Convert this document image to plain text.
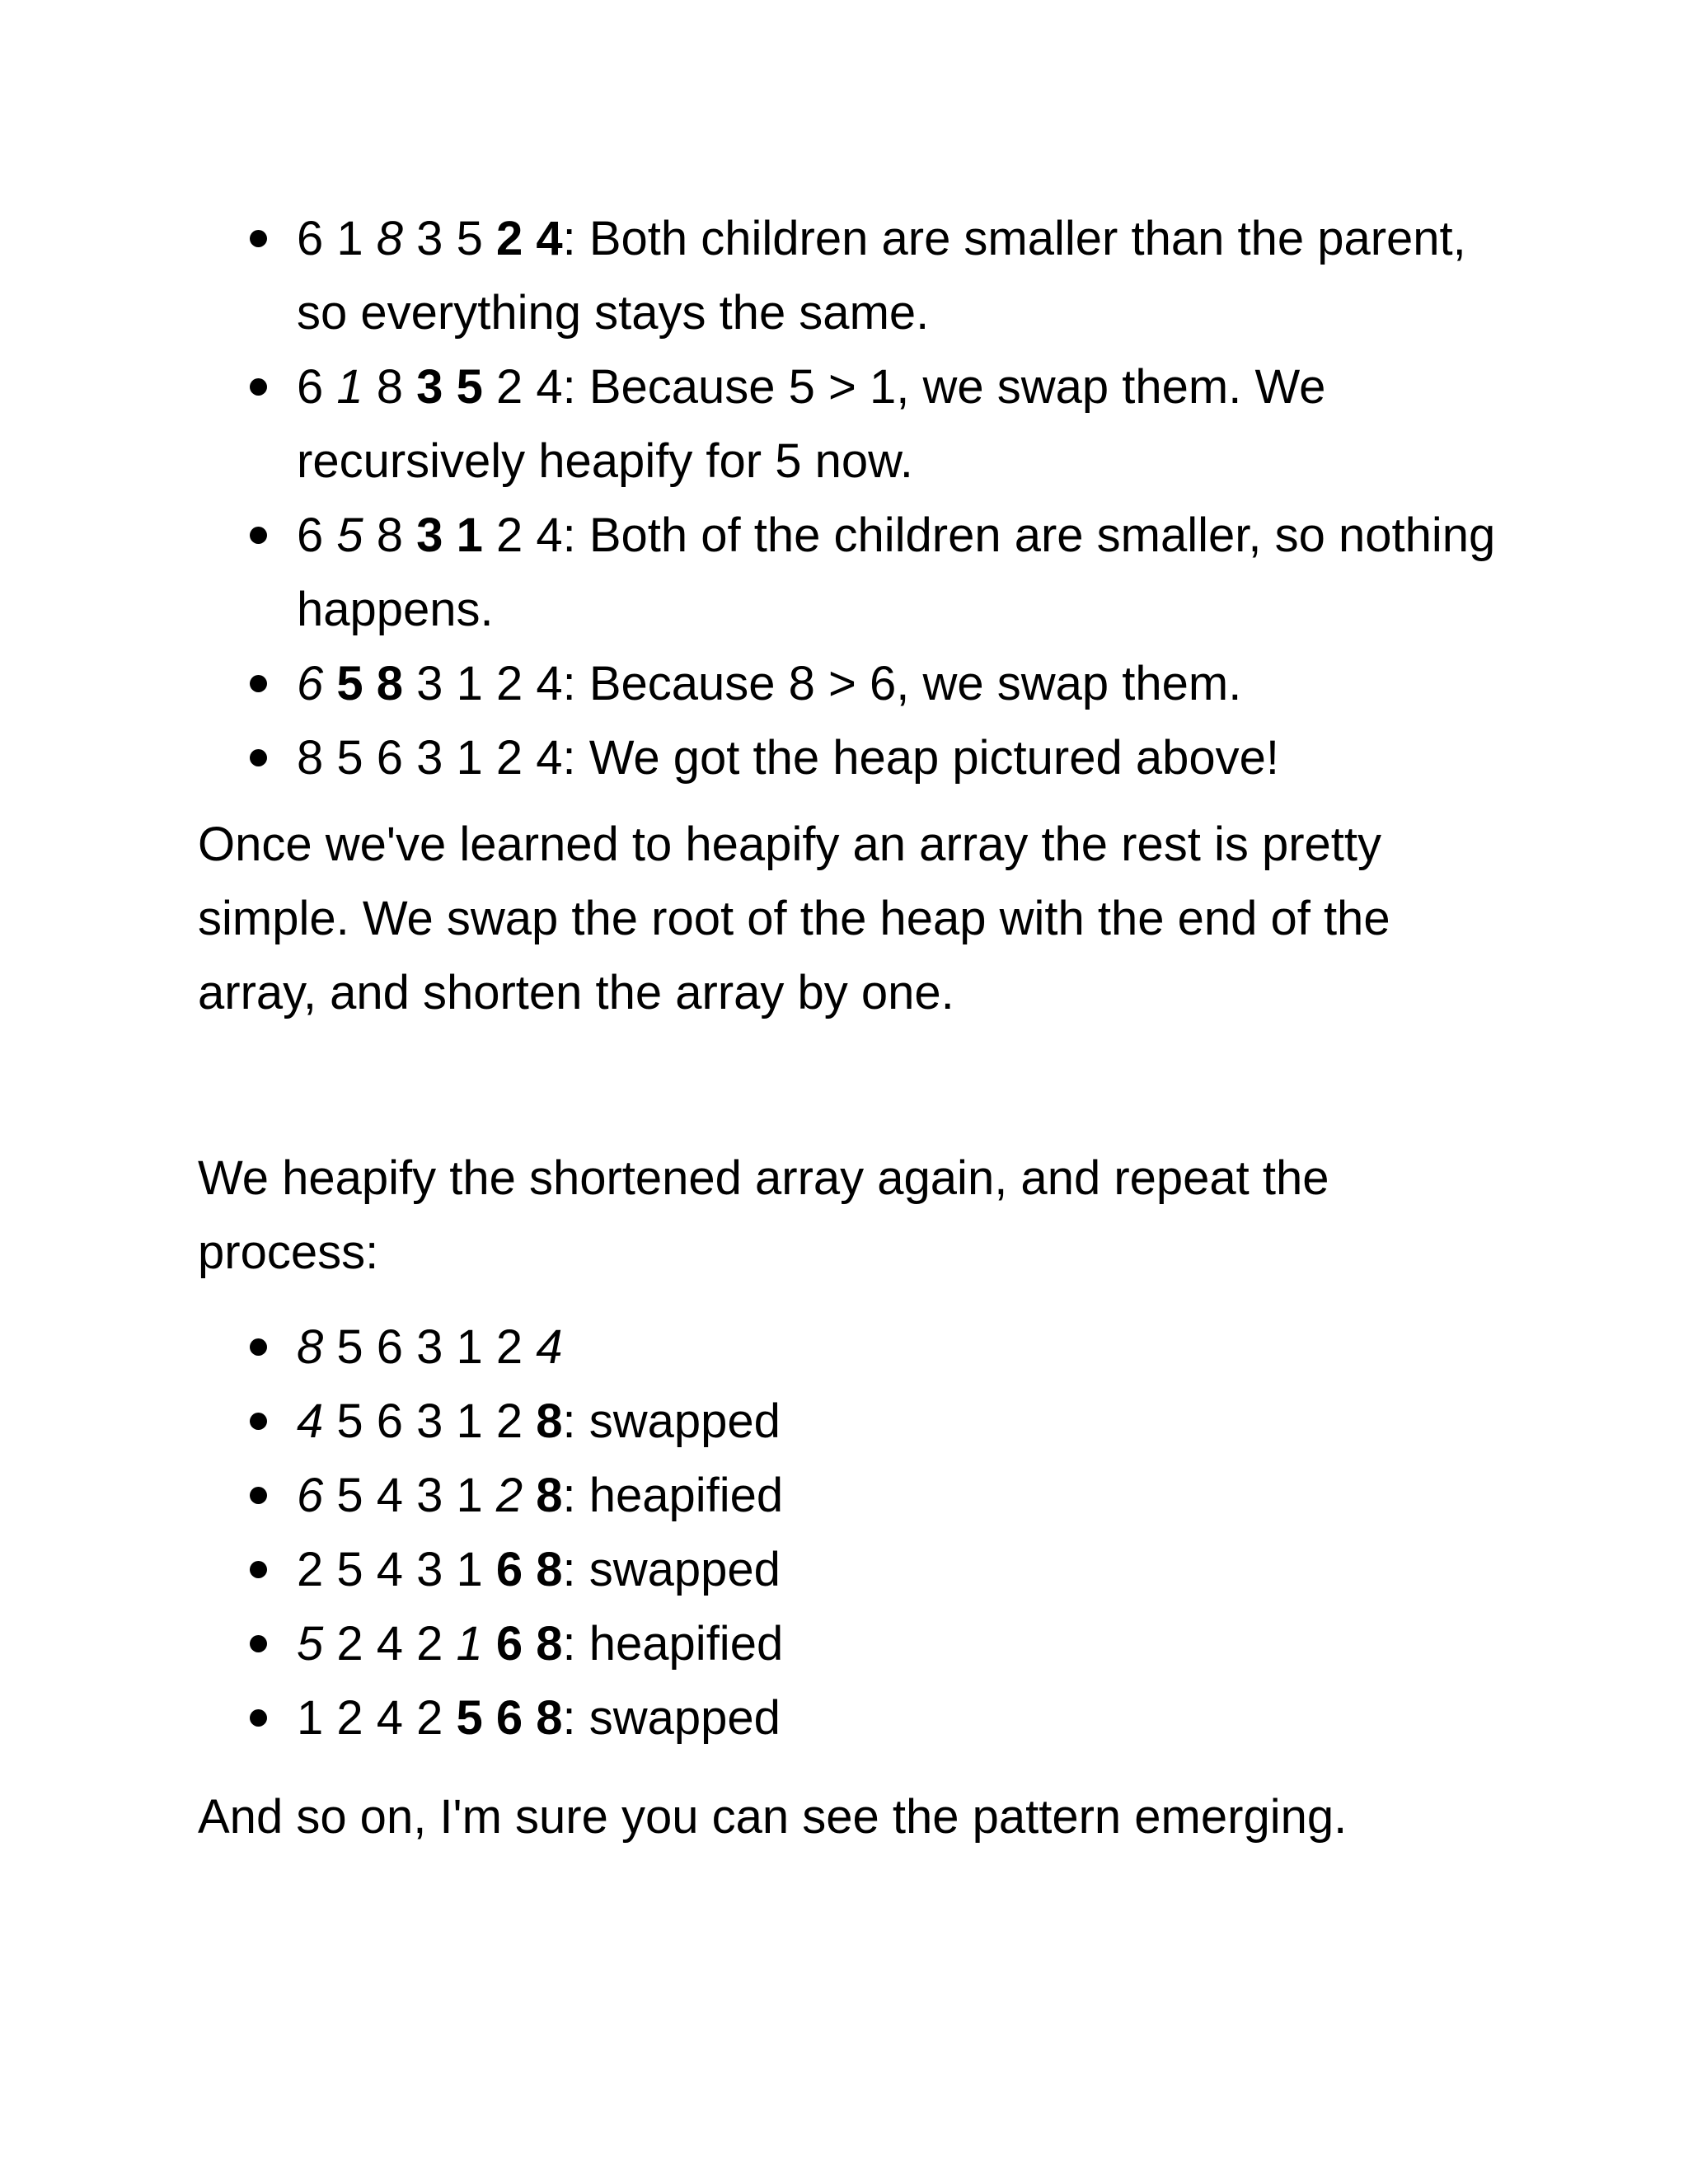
6 1 8 3 5 2 4: Both children are smaller than the parent, so everything stays the same.
6 1 8 3 5 2 4: Because 5 > 1, we swap them. We recursively heapify for 5 now.
6 5 8 3 1 2 4: Both of the children are smaller, so nothing happens.
6 5 8 3 1 2 4: Because 8 > 6, we swap them.
8 5 6 3 1 2 4: We got the heap pictured above!

Once we've learned to heapify an array the rest is pretty simple. We swap the root of the heap with the end of the array, and shorten the array by one.

We heapify the shortened array again, and repeat the process:

8 5 6 3 1 2 4
4 5 6 3 1 2 8: swapped
6 5 4 3 1 2 8: heapified
2 5 4 3 1 6 8: swapped
5 2 4 2 1 6 8: heapified
1 2 4 2 5 6 8: swapped

And so on, I'm sure you can see the pattern emerging.
